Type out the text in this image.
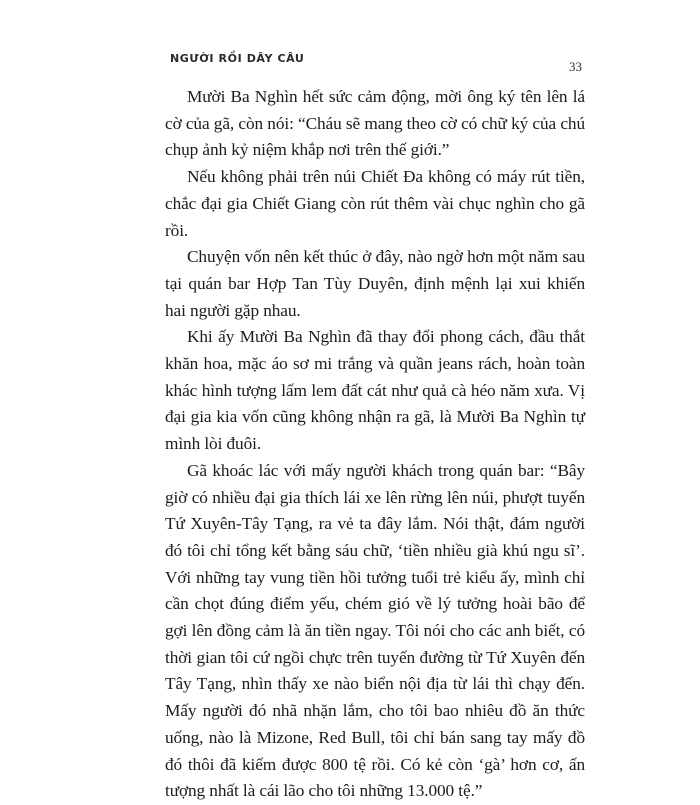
NGƯỜI RỒI DÂY CÂU
33

Mười Ba Nghìn hết sức cảm động, mời ông ký tên lên lá cờ của gã, còn nói: “Cháu sẽ mang theo cờ có chữ ký của chú chụp ảnh kỷ niệm khắp nơi trên thế giới.”

Nếu không phải trên núi Chiết Đa không có máy rút tiền, chắc đại gia Chiết Giang còn rút thêm vài chục nghìn cho gã rồi.

Chuyện vốn nên kết thúc ở đây, nào ngờ hơn một năm sau tại quán bar Hợp Tan Tùy Duyên, định mệnh lại xui khiến hai người gặp nhau.

Khi ấy Mười Ba Nghìn đã thay đổi phong cách, đầu thắt khăn hoa, mặc áo sơ mi trắng và quần jeans rách, hoàn toàn khác hình tượng lấm lem đất cát như quả cà héo năm xưa. Vị đại gia kia vốn cũng không nhận ra gã, là Mười Ba Nghìn tự mình lòi đuôi.

Gã khoác lác với mấy người khách trong quán bar: “Bây giờ có nhiều đại gia thích lái xe lên rừng lên núi, phượt tuyến Tứ Xuyên-Tây Tạng, ra vẻ ta đây lắm. Nói thật, đám người đó tôi chỉ tổng kết bằng sáu chữ, ‘tiền nhiều già khú ngu sĩ’. Với những tay vung tiền hồi tưởng tuổi trẻ kiểu ấy, mình chỉ cần chọt đúng điểm yếu, chém gió về lý tưởng hoài bão để gợi lên đồng cảm là ăn tiền ngay. Tôi nói cho các anh biết, có thời gian tôi cứ ngồi chực trên tuyến đường từ Tứ Xuyên đến Tây Tạng, nhìn thấy xe nào biển nội địa từ lái thì chạy đến. Mấy người đó nhã nhặn lắm, cho tôi bao nhiêu đồ ăn thức uống, nào là Mizone, Red Bull, tôi chỉ bán sang tay mấy đồ đó thôi đã kiếm được 800 tệ rồi. Có kẻ còn ‘gà’ hơn cơ, ấn tượng nhất là cái lão cho tôi những 13.000 tệ.”
